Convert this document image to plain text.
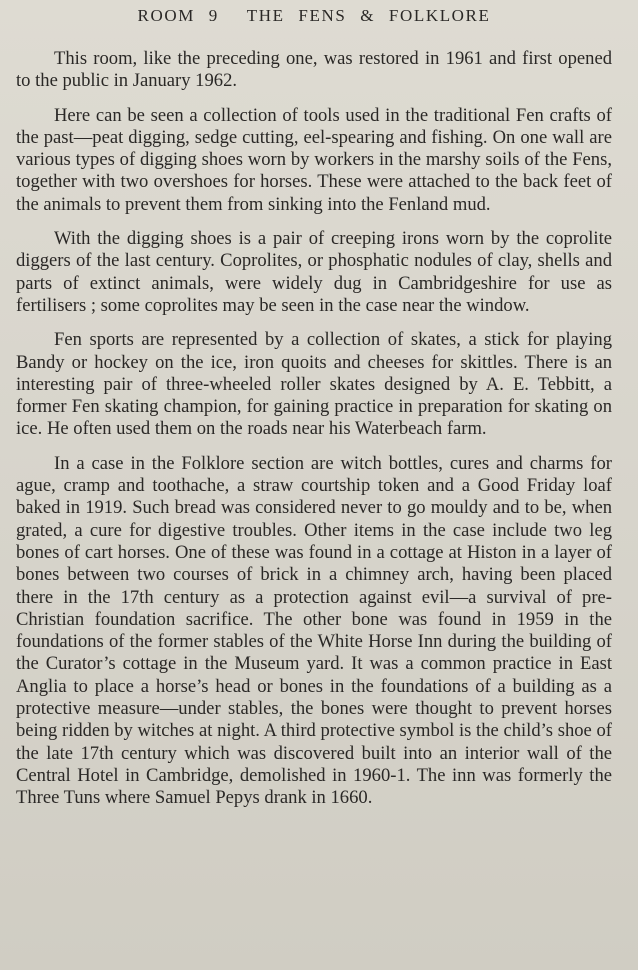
ROOM 9 THE FENS & FOLKLORE

This room, like the preceding one, was restored in 1961 and first opened to the public in January 1962.

Here can be seen a collection of tools used in the traditional Fen crafts of the past—peat digging, sedge cutting, eel-spearing and fishing. On one wall are various types of digging shoes worn by workers in the marshy soils of the Fens, together with two overshoes for horses. These were attached to the back feet of the animals to prevent them from sinking into the Fenland mud.

With the digging shoes is a pair of creeping irons worn by the coprolite diggers of the last century. Coprolites, or phosphatic nodules of clay, shells and parts of extinct animals, were widely dug in Cambridgeshire for use as fertilisers ; some coprolites may be seen in the case near the window.

Fen sports are represented by a collection of skates, a stick for playing Bandy or hockey on the ice, iron quoits and cheeses for skittles. There is an interesting pair of three-wheeled roller skates designed by A. E. Tebbitt, a former Fen skating champion, for gaining practice in preparation for skating on ice. He often used them on the roads near his Waterbeach farm.

In a case in the Folklore section are witch bottles, cures and charms for ague, cramp and toothache, a straw courtship token and a Good Friday loaf baked in 1919. Such bread was considered never to go mouldy and to be, when grated, a cure for digestive troubles. Other items in the case include two leg bones of cart horses. One of these was found in a cottage at Histon in a layer of bones between two courses of brick in a chimney arch, having been placed there in the 17th century as a protection against evil—a survival of pre-Christian foundation sacrifice. The other bone was found in 1959 in the foundations of the former stables of the White Horse Inn during the building of the Curator’s cottage in the Museum yard. It was a common practice in East Anglia to place a horse’s head or bones in the foundations of a building as a protective measure—under stables, the bones were thought to prevent horses being ridden by witches at night. A third protective symbol is the child’s shoe of the late 17th century which was discovered built into an interior wall of the Central Hotel in Cambridge, demolished in 1960-1. The inn was formerly the Three Tuns where Samuel Pepys drank in 1660.
